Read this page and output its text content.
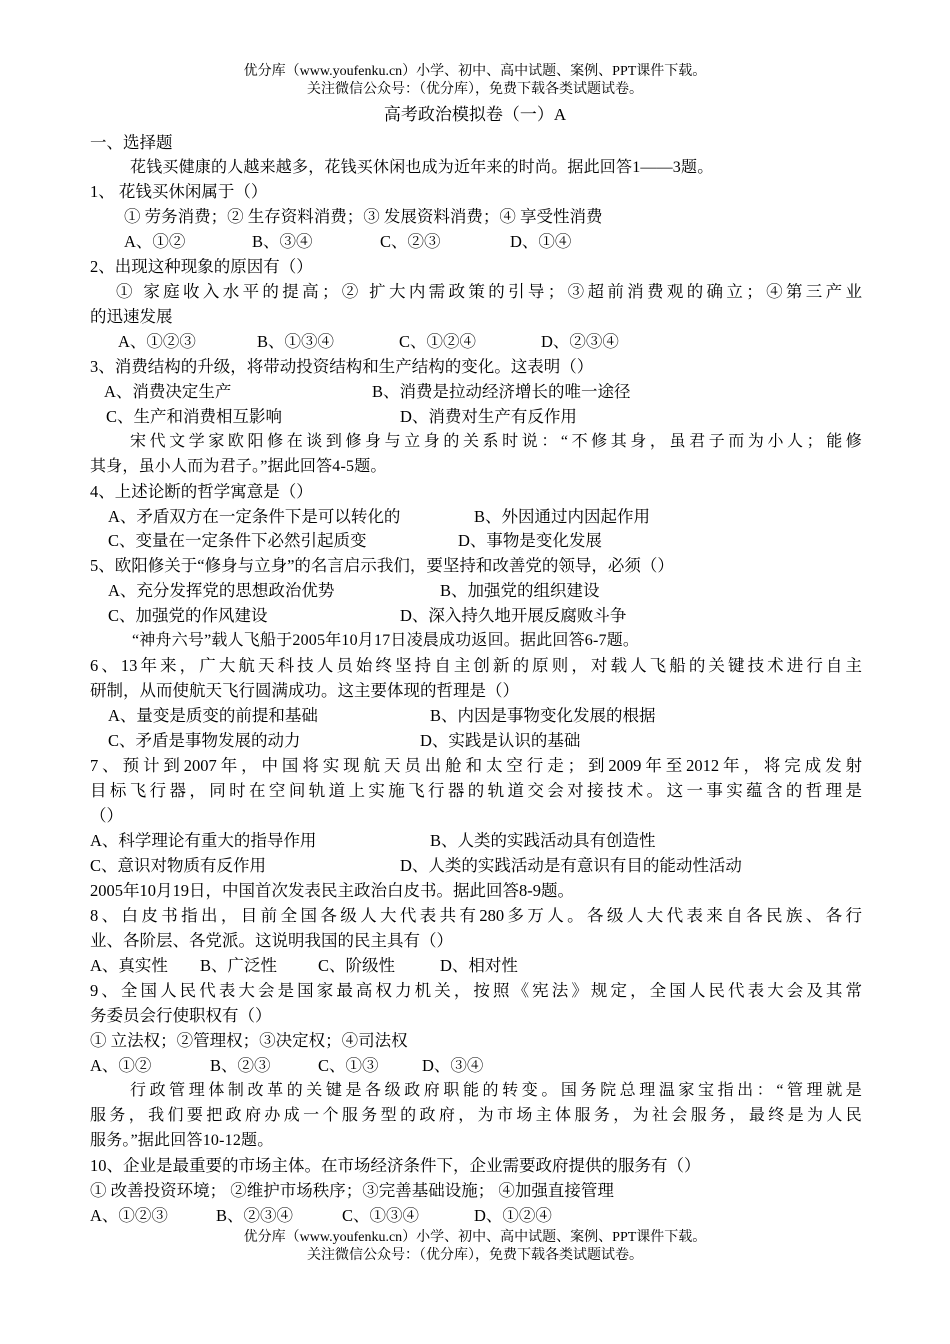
优分库（www.youfenku.cn）小学、初中、高中试题、案例、PPT课件下载。
关注微信公众号：（优分库），免费下载各类试题试卷。
高考政治模拟卷（一）A
一、选择题
花钱买健康的人越来越多，花钱买休闲也成为近年来的时尚。据此回答1——3题。
1、 花钱买休闲属于（）
① 劳务消费；② 生存资料消费；③ 发展资料消费；④ 享受性消费
A、①②	B、③④	C、②③	D、①④
2、出现这种现象的原因有（）
① 家庭收入水平的提高；② 扩大内需政策的引导；③超前消费观的确立；④第三产业
的迅速发展
A、①②③	B、①③④	C、①②④	D、②③④
3、消费结构的升级，将带动投资结构和生产结构的变化。这表明（）
A、消费决定生产	B、消费是拉动经济增长的唯一途径
C、生产和消费相互影响	D、消费对生产有反作用
宋代文学家欧阳修在谈到修身与立身的关系时说：“不修其身，虽君子而为小人；能修
其身，虽小人而为君子。”据此回答4-5题。
4、上述论断的哲学寓意是（）
A、矛盾双方在一定条件下是可以转化的	B、外因通过内因起作用
C、变量在一定条件下必然引起质变	D、事物是变化发展
5、欧阳修关于“修身与立身”的名言启示我们，要坚持和改善党的领导，必须（）
A、充分发挥党的思想政治优势	B、加强党的组织建设
C、加强党的作风建设	D、深入持久地开展反腐败斗争
“神舟六号”载人飞船于2005年10月17日凌晨成功返回。据此回答6-7题。
6、13年来，广大航天科技人员始终坚持自主创新的原则，对载人飞船的关键技术进行自主
研制，从而使航天飞行圆满成功。这主要体现的哲理是（）
A、量变是质变的前提和基础	B、内因是事物变化发展的根据
C、矛盾是事物发展的动力	D、实践是认识的基础
7、预计到2007年，中国将实现航天员出舱和太空行走；到2009年至2012年，将完成发射
目标飞行器，同时在空间轨道上实施飞行器的轨道交会对接技术。这一事实蕴含的哲理是
（）
A、科学理论有重大的指导作用	B、人类的实践活动具有创造性
C、意识对物质有反作用	D、人类的实践活动是有意识有目的能动性活动
2005年10月19日，中国首次发表民主政治白皮书。据此回答8-9题。
8、白皮书指出，目前全国各级人大代表共有280多万人。各级人大代表来自各民族、各行
业、各阶层、各党派。这说明我国的民主具有（）
A、真实性 B、广泛性 C、阶级性	D、相对性
9、全国人民代表大会是国家最高权力机关，按照《宪法》规定，全国人民代表大会及其常
务委员会行使职权有（）
① 立法权；②管理权；③决定权；④司法权
A、①②	B、②③	C、①③	D、③④
行政管理体制改革的关键是各级政府职能的转变。国务院总理温家宝指出：“管理就是
服务，我们要把政府办成一个服务型的政府，为市场主体服务，为社会服务，最终是为人民
服务。”据此回答10-12题。
10、企业是最重要的市场主体。在市场经济条件下，企业需要政府提供的服务有（）
① 改善投资环境； ②维护市场秩序；③完善基础设施； ④加强直接管理
A、①②③	B、②③④	C、①③④	D、①②④
优分库（www.youfenku.cn）小学、初中、高中试题、案例、PPT课件下载。
关注微信公众号：（优分库），免费下载各类试题试卷。
